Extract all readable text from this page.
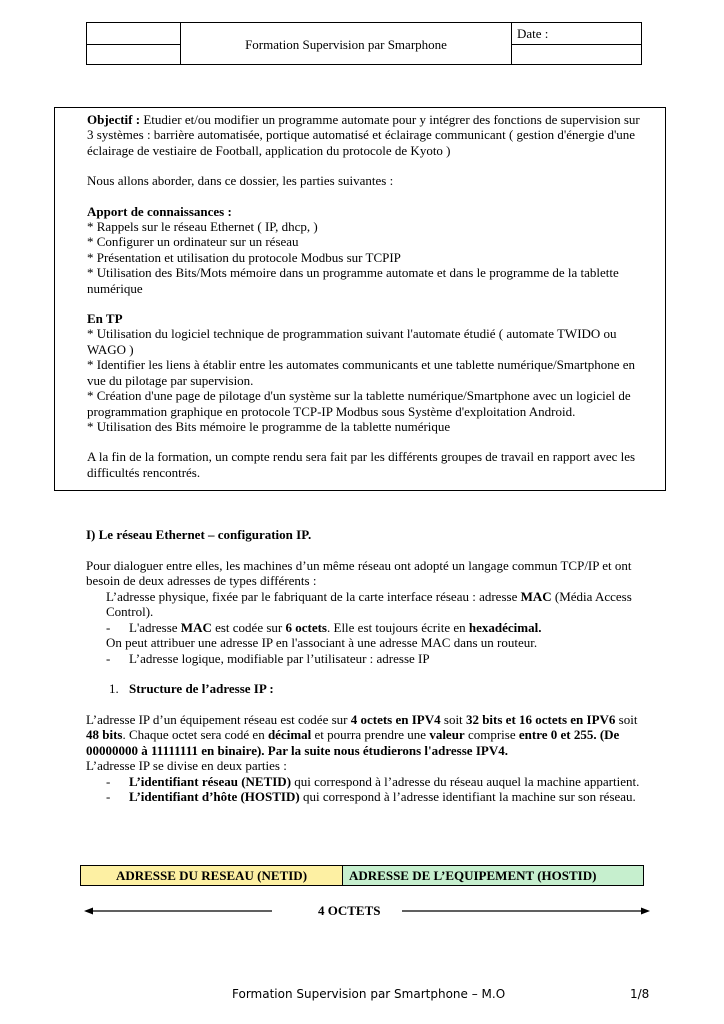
Formation Supervision par Smarphone
Date :

Objectif : Etudier et/ou modifier un programme automate pour y intégrer des fonctions de supervision sur 3 systèmes : barrière automatisée, portique automatisé et éclairage communicant ( gestion d'énergie d'une éclairage de vestiaire de Football, application du protocole de Kyoto )

Nous allons aborder, dans ce dossier, les parties suivantes :

Apport de connaissances :

* Rappels sur le réseau Ethernet ( IP, dhcp, )

* Configurer un ordinateur sur un réseau

* Présentation et utilisation du protocole Modbus sur TCPIP

* Utilisation des Bits/Mots mémoire dans un programme automate et dans le programme de la tablette numérique

En TP

* Utilisation du logiciel technique de programmation suivant l'automate étudié ( automate TWIDO ou WAGO )

* Identifier les liens à établir entre les automates communicants et une tablette numérique/Smartphone en vue du pilotage par supervision.

* Création d'une page de pilotage d'un système sur la tablette numérique/Smartphone avec un logiciel de programmation graphique en protocole TCP-IP Modbus sous Système d'exploitation Android.

* Utilisation des Bits mémoire le programme de la tablette numérique

A la fin de la formation, un compte rendu sera fait par les différents groupes de travail en rapport avec les difficultés rencontrés.

I) Le réseau Ethernet – configuration IP.

Pour dialoguer entre elles, les machines d’un même réseau ont adopté un langage commun TCP/IP et ont besoin de deux adresses de types différents :

L’adresse physique, fixée par le fabriquant de la carte interface réseau : adresse MAC (Média Access Control).

- L'adresse MAC est codée sur 6 octets. Elle est toujours écrite en hexadécimal.

On peut attribuer une adresse IP en l'associant à une adresse MAC dans un routeur.

- L’adresse logique, modifiable par l’utilisateur : adresse IP

1. Structure de l’adresse IP :

L’adresse IP d’un équipement réseau est codée sur 4 octets en IPV4 soit 32 bits et 16 octets en IPV6 soit 48 bits. Chaque octet sera codé en décimal et pourra prendre une valeur comprise entre 0 et 255. (De 00000000 à 11111111 en binaire). Par la suite nous étudierons l'adresse IPV4.

L’adresse IP se divise en deux parties :

- L’identifiant réseau (NETID) qui correspond à l’adresse du réseau auquel la machine appartient.

- L’identifiant d’hôte (HOSTID) qui correspond à l’adresse identifiant la machine sur son réseau.

ADRESSE DU RESEAU (NETID)	ADRESSE DE L’EQUIPEMENT (HOSTID)
4 OCTETS
Formation Supervision par Smartphone – M.O	1/8
